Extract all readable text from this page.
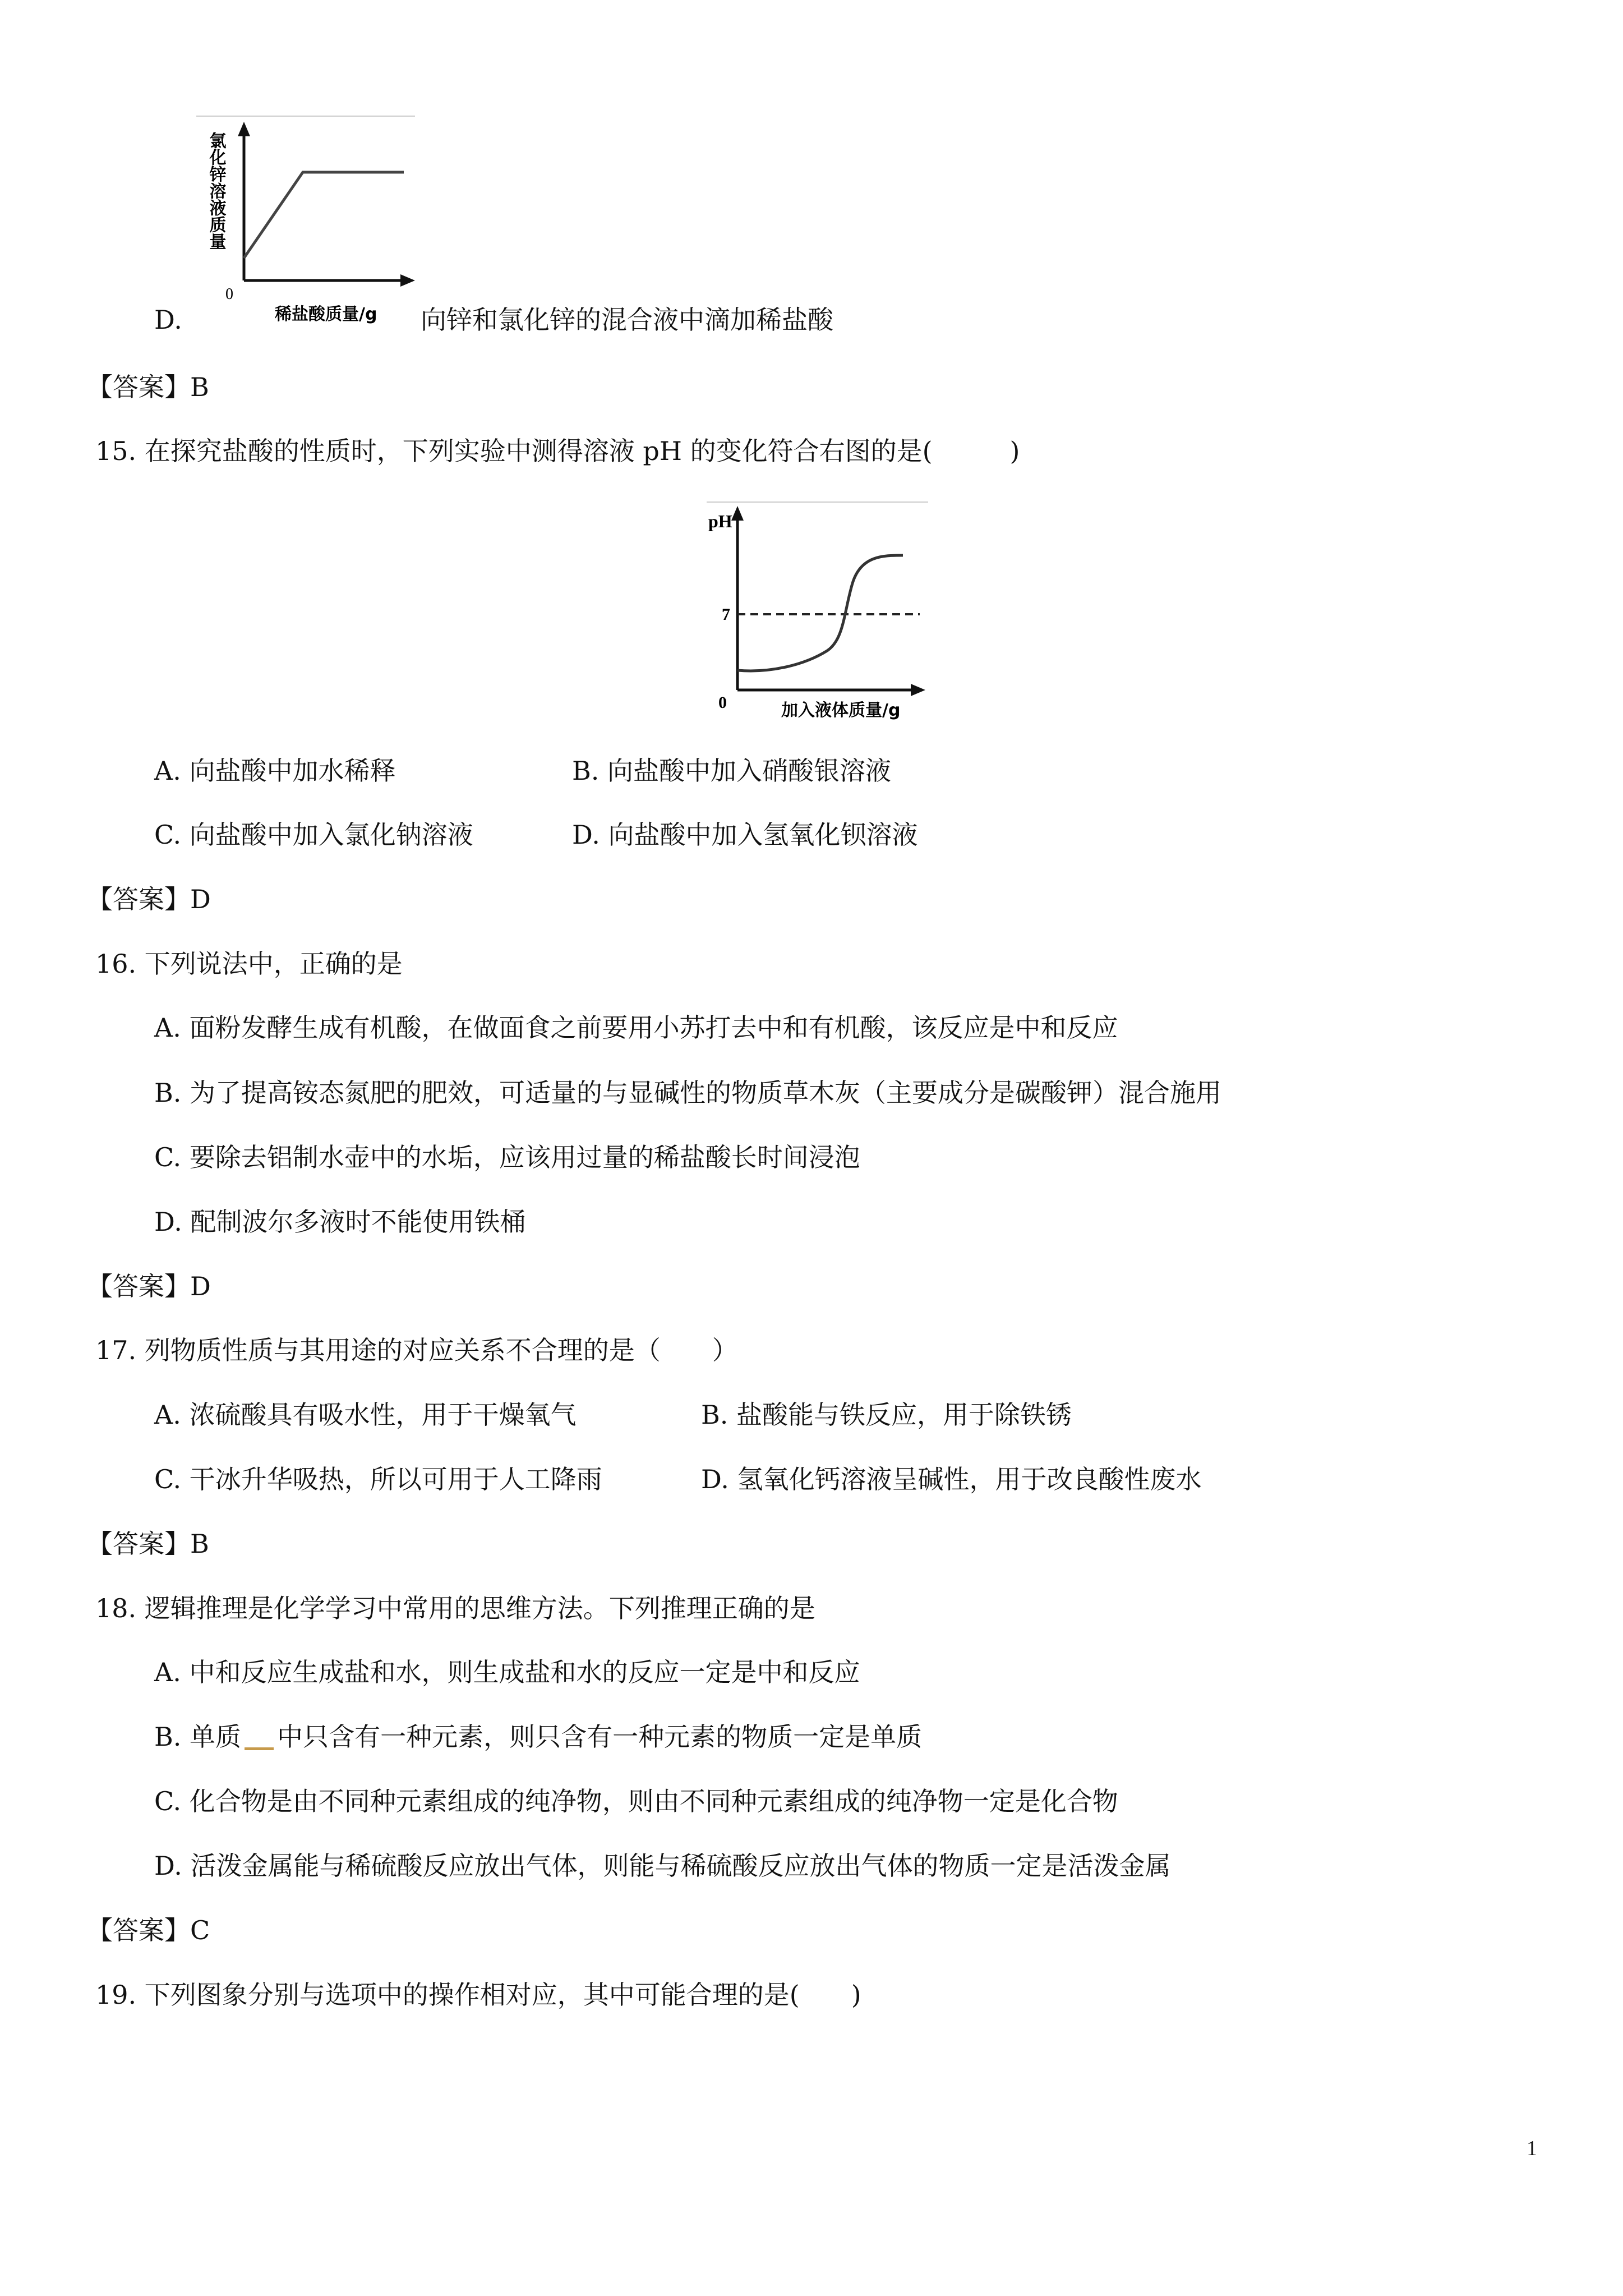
氯化锌溶液质量
0
稀盐酸质量/g
D.	向锌和氯化锌的混合液中滴加稀盐酸
【答案】B
15. 在探究盐酸的性质时，下列实验中测得溶液 pH 的变化符合右图的是(　　　)
pH
7
0	加入液体质量/g
A. 向盐酸中加水稀释	B. 向盐酸中加入硝酸银溶液
C. 向盐酸中加入氯化钠溶液	D. 向盐酸中加入氢氧化钡溶液
【答案】D
16. 下列说法中，正确的是
A. 面粉发酵生成有机酸，在做面食之前要用小苏打去中和有机酸，该反应是中和反应
B. 为了提高铵态氮肥的肥效，可适量的与显碱性的物质草木灰（主要成分是碳酸钾）混合施用
C. 要除去铝制水壶中的水垢，应该用过量的稀盐酸长时间浸泡
D. 配制波尔多液时不能使用铁桶
【答案】D
17. 列物质性质与其用途的对应关系不合理的是（　　）
A. 浓硫酸具有吸水性，用于干燥氧气	B. 盐酸能与铁反应，用于除铁锈
C. 干冰升华吸热，所以可用于人工降雨	D. 氢氧化钙溶液呈碱性，用于改良酸性废水
【答案】B
18. 逻辑推理是化学学习中常用的思维方法。下列推理正确的是
A. 中和反应生成盐和水，则生成盐和水的反应一定是中和反应
B. 单质 中只含有一种元素，则只含有一种元素的物质一定是单质
C. 化合物是由不同种元素组成的纯净物，则由不同种元素组成的纯净物一定是化合物
D. 活泼金属能与稀硫酸反应放出气体，则能与稀硫酸反应放出气体的物质一定是活泼金属
【答案】C
19. 下列图象分别与选项中的操作相对应，其中可能合理的是(　　)
1
